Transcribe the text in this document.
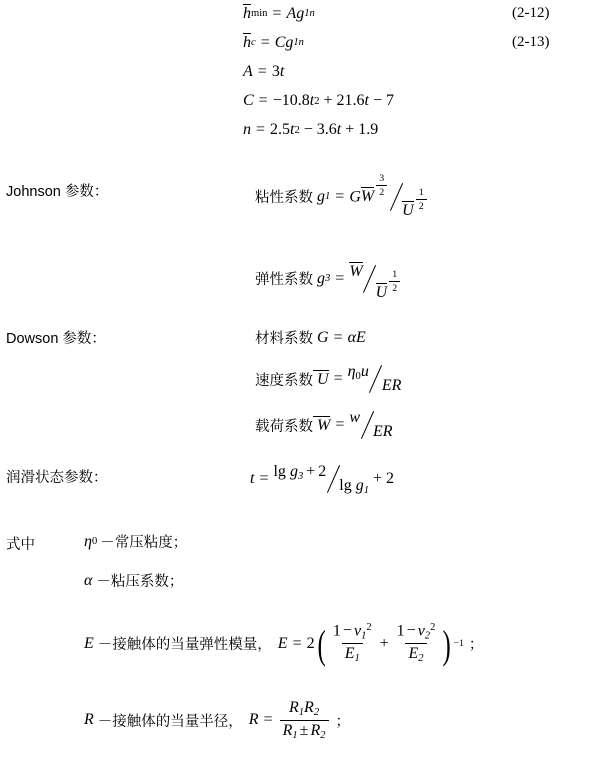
h min = A g 1 n	(2-12)
h c = C g 1 n	(2-13)
A = 3 t
C = −10.8 t 2 + 21.6 t − 7
n = 2.5 t 2 − 3.6 t + 1.9
Johnson 参数：	粘性系数 g 1 = GW $^{\frac{3}{2}}$
U $^{\frac{1}{2}}$
弹性系数 g 3 = W
U $^{\frac{1}{2}}$
Dowson 参数：	材料系数 G = α E
速度系数 $U = \eta_0u$
ER
载荷系数 W = w
ER
润滑状态参数：	$t = \lg g_3 + 2$
$\lg g_1$
+ 2
式中	η 0 － 常压粘度；
α － 粘压系数；
E － 接触体的当量弹性模量， E = 2 ( $\frac{1 - \nu_1^2}{E_1} + \frac{1 - \nu_2^2}{E_2}$ ) −1 ；
R － 接触体的当量半径， $R = \frac{R_1R_2}{R_1 \pm R_2}$ ；
